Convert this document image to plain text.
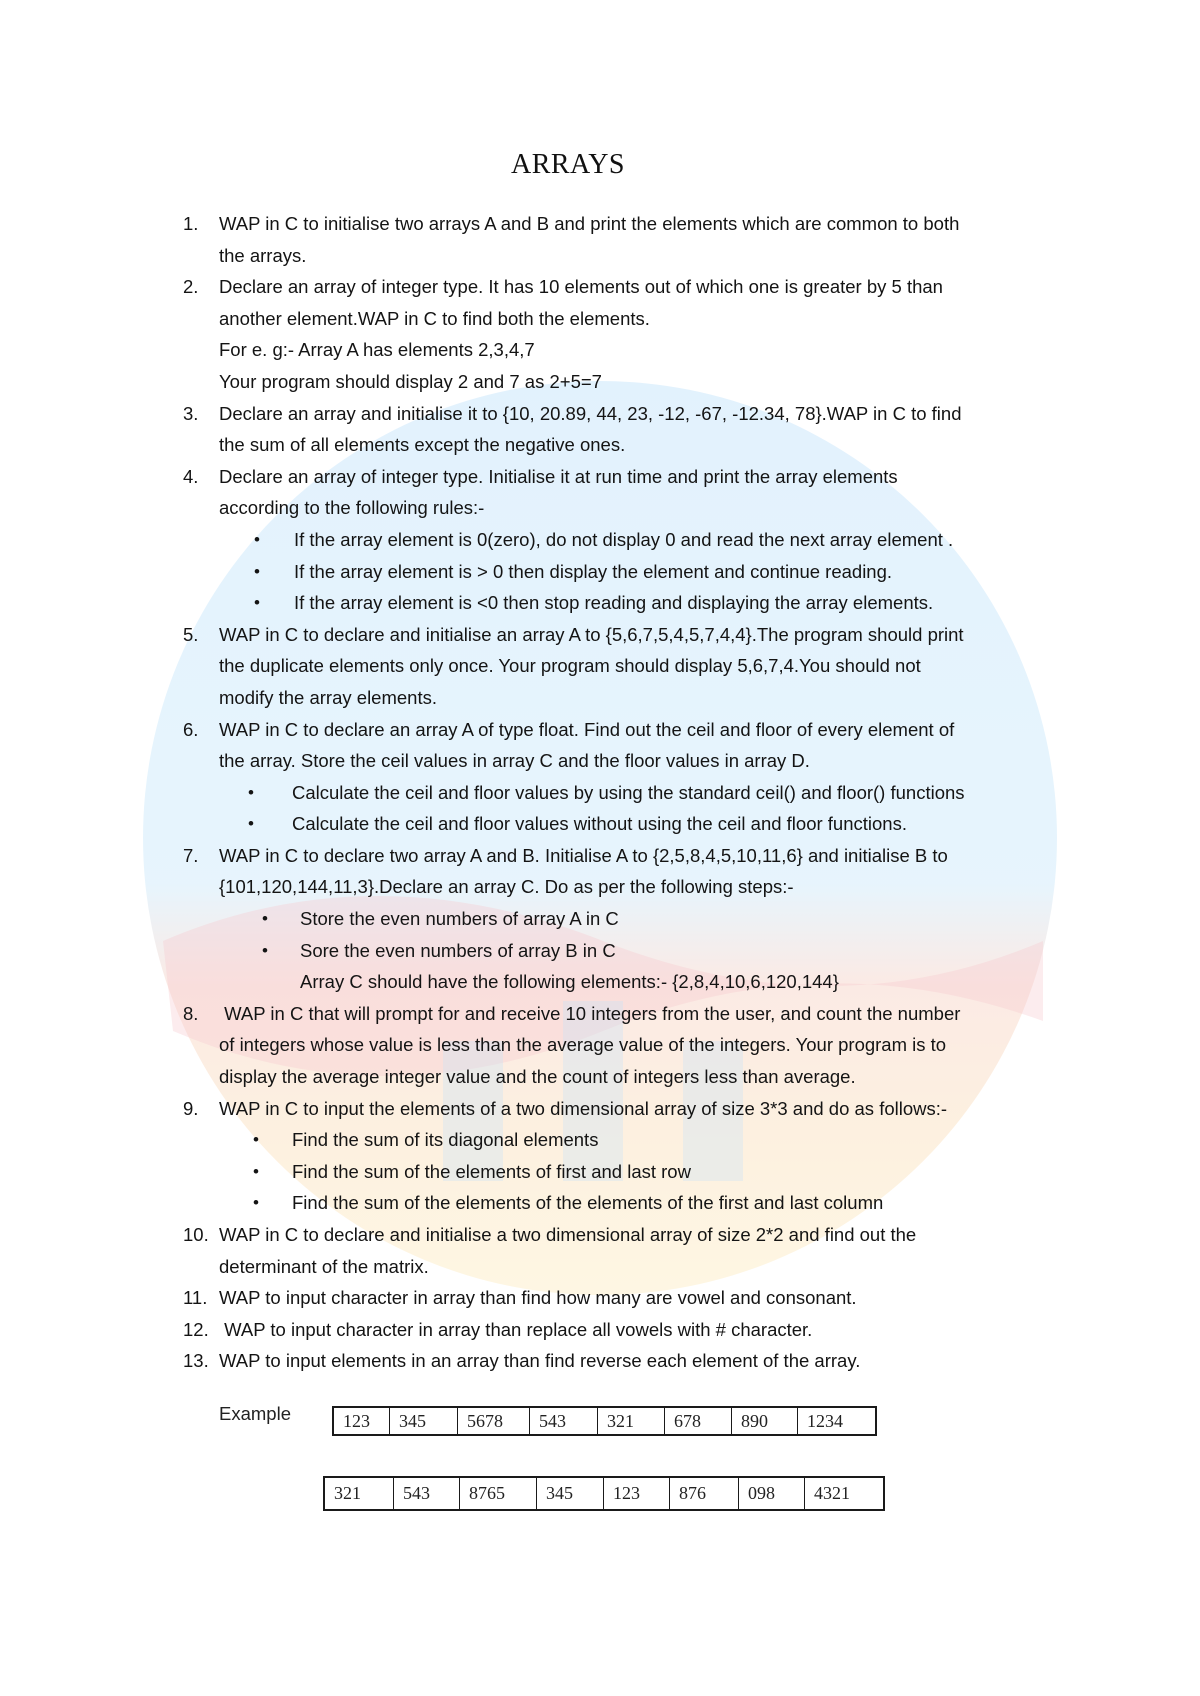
ARRAYS
1. WAP in C to initialise two arrays A and B and print the elements which are common to both
the arrays.
2. Declare an array of integer type. It has 10 elements out of which one is greater by 5 than
another element.WAP in C to find both the elements.
For e. g:- Array A has elements 2,3,4,7
Your program should display 2 and 7 as 2+5=7
3. Declare an array and initialise it to {10, 20.89, 44, 23, -12, -67, -12.34, 78}.WAP in C to find
the sum of all elements except the negative ones.
4. Declare an array of integer type. Initialise it at run time and print the array elements
according to the following rules:-
• If the array element is 0(zero), do not display 0 and read the next array element .
• If the array element is > 0 then display the element and continue reading.
• If the array element is <0 then stop reading and displaying the array elements.
5. WAP in C to declare and initialise an array A to {5,6,7,5,4,5,7,4,4}.The program should print
the duplicate elements only once. Your program should display 5,6,7,4.You should not
modify the array elements.
6. WAP in C to declare an array A of type float. Find out the ceil and floor of every element of
the array. Store the ceil values in array C and the floor values in array D.
• Calculate the ceil and floor values by using the standard ceil() and floor() functions
• Calculate the ceil and floor values without using the ceil and floor functions.
7. WAP in C to declare two array A and B. Initialise A to {2,5,8,4,5,10,11,6} and initialise B to
{101,120,144,11,3}.Declare an array C. Do as per the following steps:-
• Store the even numbers of array A in C
• Sore the even numbers of array B in C
Array C should have the following elements:- {2,8,4,10,6,120,144}
8. WAP in C that will prompt for and receive 10 integers from the user, and count the number
of integers whose value is less than the average value of the integers. Your program is to
display the average integer value and the count of integers less than average.
9. WAP in C to input the elements of a two dimensional array of size 3*3 and do as follows:-
• Find the sum of its diagonal elements
• Find the sum of the elements of first and last row
• Find the sum of the elements of the elements of the first and last column
10. WAP in C to declare and initialise a two dimensional array of size 2*2 and find out the
determinant of the matrix.
11. WAP to input character in array than find how many are vowel and consonant.
12. WAP to input character in array than replace all vowels with # character.
13. WAP to input elements in an array than find reverse each element of the array.
Example	123	345	5678	543	321	678	890	1234
321	543	8765	345	123	876	098	4321
